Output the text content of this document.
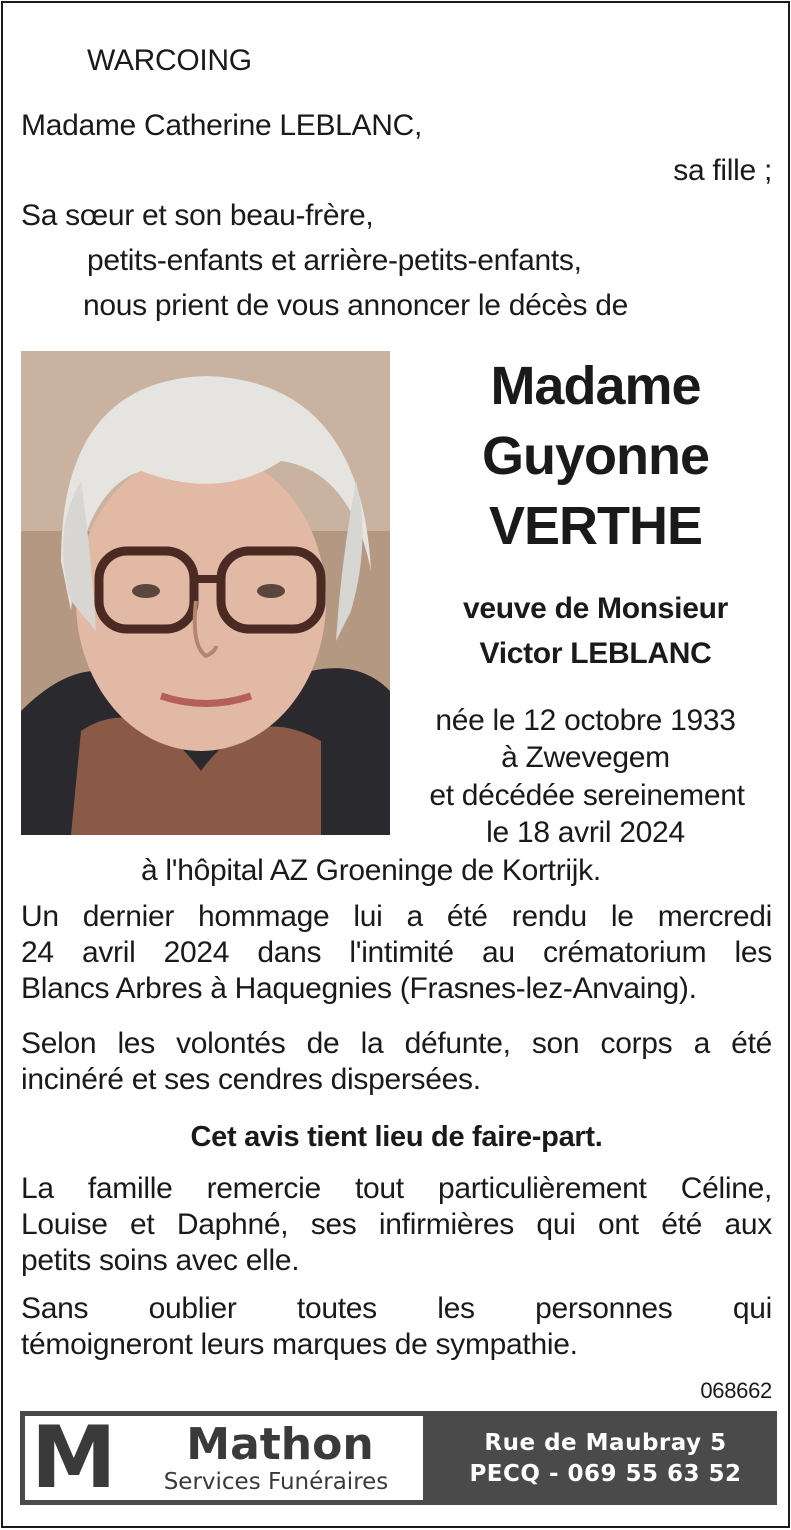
WARCOING
Madame Catherine LEBLANC,
sa fille ;
Sa sœur et son beau-frère,
petits-enfants et arrière-petits-enfants,
nous prient de vous annoncer le décès de
Madame
Guyonne
VERTHE
veuve de Monsieur
Victor LEBLANC
née le 12 octobre 1933
à Zwevegem
et décédée sereinement
le 18 avril 2024
à l'hôpital AZ Groeninge de Kortrijk.
Un dernier hommage lui a été rendu le mercredi
24 avril 2024 dans l'intimité au crématorium les
Blancs Arbres à Haquegnies (Frasnes-lez-Anvaing).
Selon les volontés de la défunte, son corps a été
incinéré et ses cendres dispersées.
Cet avis tient lieu de faire-part.
La famille remercie tout particulièrement Céline,
Louise et Daphné, ses infirmières qui ont été aux
petits soins avec elle.
Sans oublier toutes les personnes qui
témoigneront leurs marques de sympathie.
068662
M	Mathon
Services Funéraires
Rue de Maubray 5
PECQ - 069 55 63 52
